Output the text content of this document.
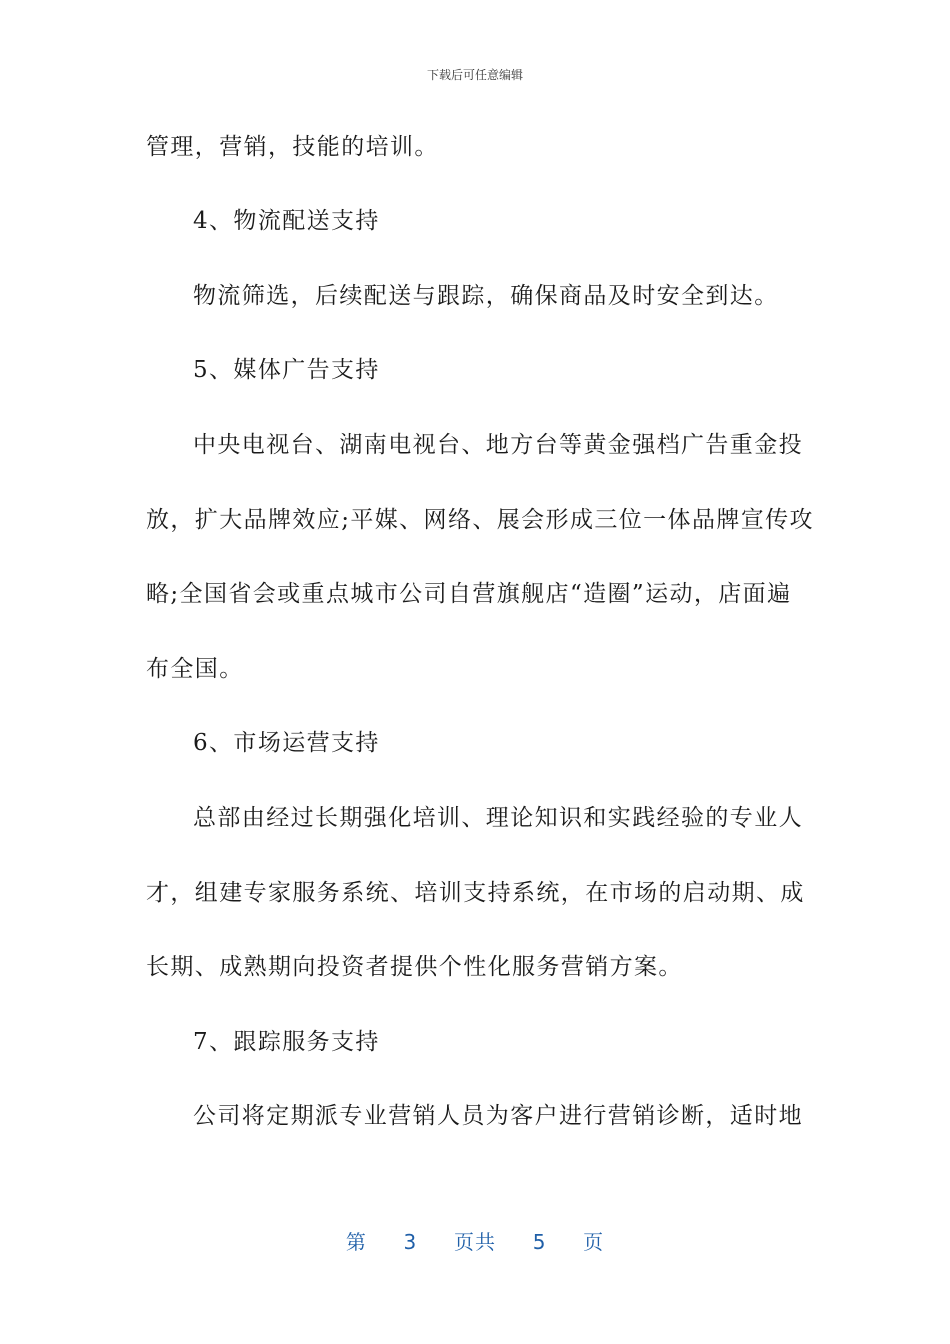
下载后可任意编辑
管理，营销，技能的培训。
4、物流配送支持
物流筛选，后续配送与跟踪，确保商品及时安全到达。
5、媒体广告支持
中央电视台、湖南电视台、地方台等黄金强档广告重金投
放，扩大品牌效应;平媒、网络、展会形成三位一体品牌宣传攻
略;全国省会或重点城市公司自营旗舰店“造圈”运动，店面遍
布全国。
6、市场运营支持
总部由经过长期强化培训、理论知识和实践经验的专业人
才，组建专家服务系统、培训支持系统，在市场的启动期、成
长期、成熟期向投资者提供个性化服务营销方案。
7、跟踪服务支持
公司将定期派专业营销人员为客户进行营销诊断，适时地
第 3 页共 5 页
